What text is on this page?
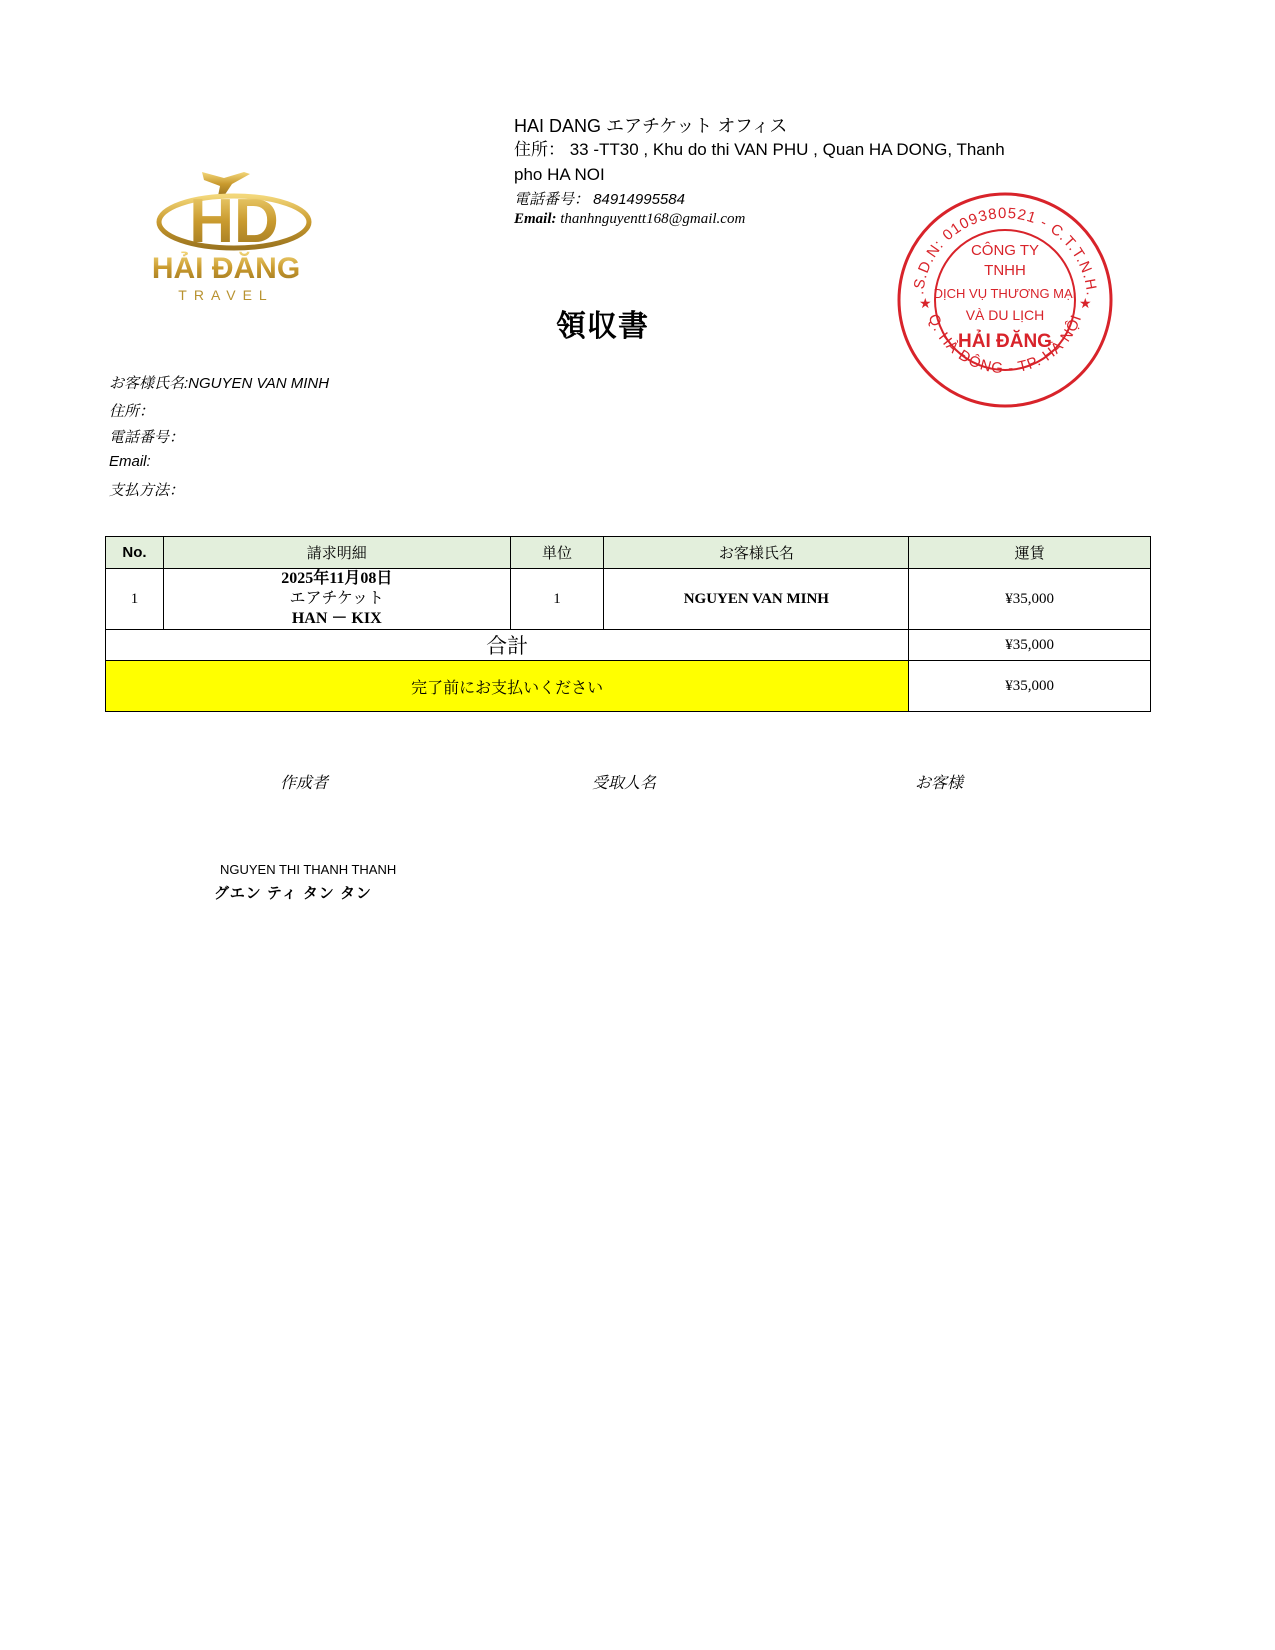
HD
HẢI ĐĂNG
TRAVEL
HAI DANG エアチケット オフィス
住所： 33 -TT30 , Khu do thi VAN PHU , Quan HA DONG, Thanh
pho HA NOI
電話番号： 84914995584
Email: thanhnguyentt168@gmail.com
領収書
.S.D.N: 0109380521 - C.T.T.N.H.
Q. HÀ ĐÔNG - TP. HÀ NỘI
★	★
CÔNG TY
TNHH
DỊCH VỤ THƯƠNG MẠI
VÀ DU LỊCH
HẢI ĐĂNG
お客様氏名:NGUYEN VAN MINH
住所：
電話番号：
Email:
支払方法：
No.	請求明細	単位	お客様氏名	運賃
1	2025年11月08日
エアチケット
HAN － KIX	1	NGUYEN VAN MINH	¥35,000
合計				¥35,000
完了前にお支払いください				¥35,000
作成者	受取人名	お客様
NGUYEN THI THANH THANH
グエン ティ タン タン
